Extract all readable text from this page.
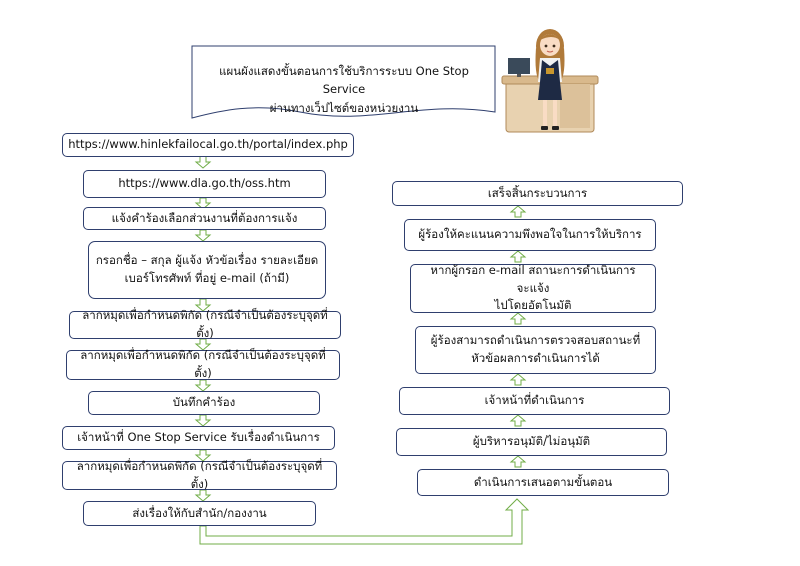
แผนผังแสดงขั้นตอนการใช้บริการระบบ One Stop Service
ผ่านทางเว็ปไซต์ของหน่วยงาน
https://www.hinlekfailocal.go.th/portal/index.php
https://www.dla.go.th/oss.htm
แจ้งคำร้องเลือกส่วนงานที่ต้องการแจ้ง
กรอกชื่อ – สกุล ผู้แจ้ง หัวข้อเรื่อง รายละเอียด
เบอร์โทรศัพท์ ที่อยู่ e-mail (ถ้ามี)
ลากหมุดเพื่อกำหนดพิกัด (กรณีจำเป็นต้องระบุจุดที่ตั้ง)
ลากหมุดเพื่อกำหนดพิกัด (กรณีจำเป็นต้องระบุจุดที่ตั้ง)
บันทึกคำร้อง
เจ้าหน้าที่ One Stop Service รับเรื่องดำเนินการ
ลากหมุดเพื่อกำหนดพิกัด (กรณีจำเป็นต้องระบุจุดที่ตั้ง)
ส่งเรื่องให้กับสำนัก/กองงาน
เสร็จสิ้นกระบวนการ
ผู้ร้องให้คะแนนความพึงพอใจในการให้บริการ
หากผู้กรอก e-mail สถานะการดำเนินการจะแจ้ง
ไปโดยอัตโนมัติ
ผู้ร้องสามารถดำเนินการตรวจสอบสถานะที่
หัวข้อผลการดำเนินการได้
เจ้าหน้าที่ดำเนินการ
ผู้บริหารอนุมัติ/ไม่อนุมัติ
ดำเนินการเสนอตามขั้นตอน
